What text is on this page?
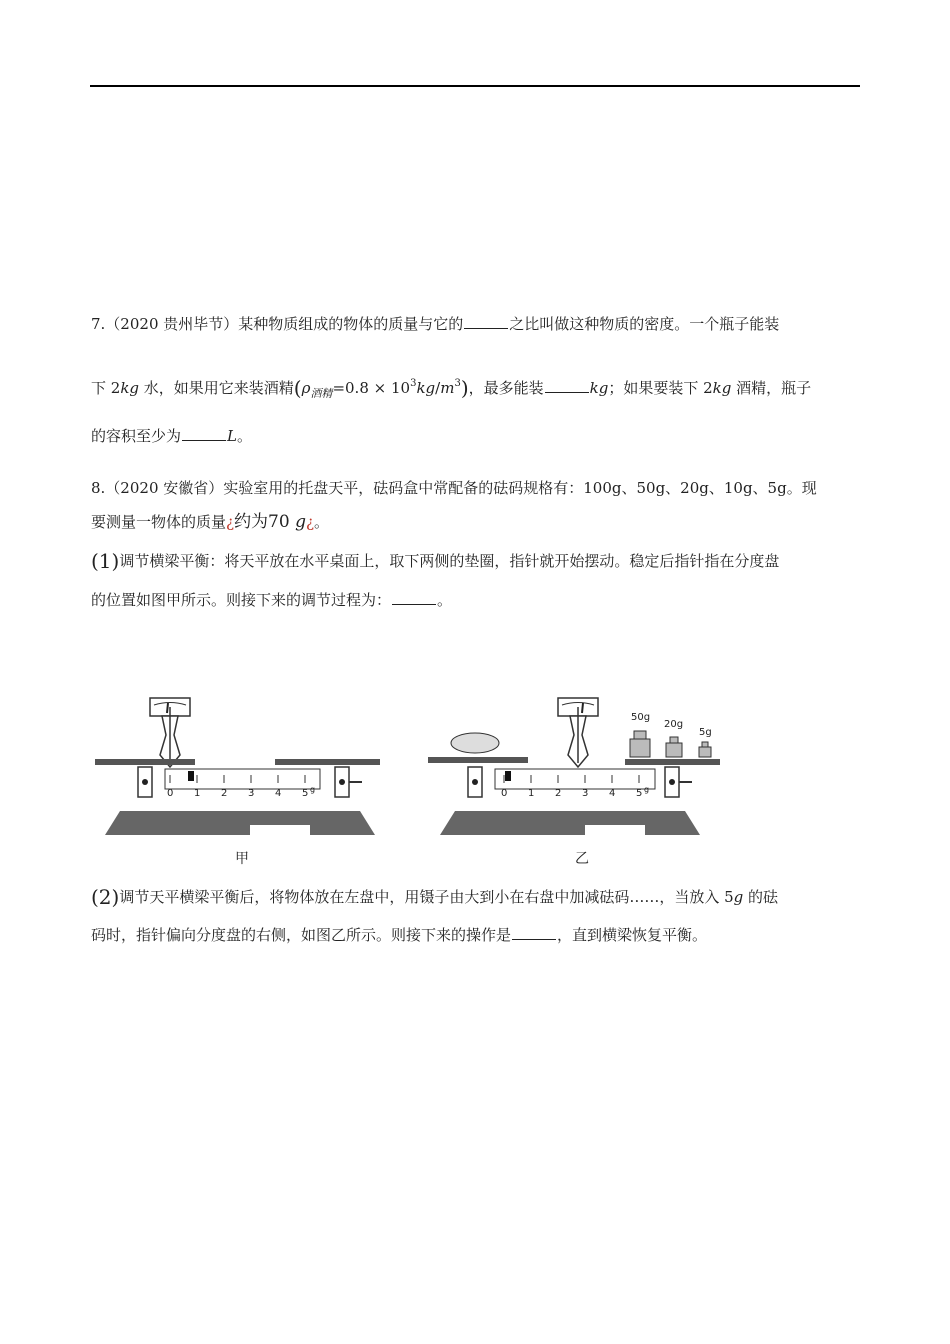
7.（2020 贵州毕节）某种物质组成的物体的质量与它的	之比叫做这种物质的密度。一个瓶子能装
下 2kg 水，如果用它来装酒精$(\rho_{酒精}=0.8 \times 10^3kg/m^3)$，最多能装	kg；如果要装下 2kg 酒精，瓶子
的容积至少为	L。
8.（2020 安徽省）实验室用的托盘天平，砝码盒中常配备的砝码规格有：100g、50g、20g、10g、5g。现
要测量一物体的质量¿约为70 g¿。
(1)调节横梁平衡：将天平放在水平桌面上，取下两侧的垫圈，指针就开始摆动。稳定后指针指在分度盘
的位置如图甲所示。则接下来的调节过程为：	。
0 1 2 3 4 5 g
甲
50g
20g
5g
0 1 2 3 4 5 g
乙
(2)调节天平横梁平衡后，将物体放在左盘中，用镊子由大到小在右盘中加减砝码……，当放入 5g 的砝
码时，指针偏向分度盘的右侧，如图乙所示。则接下来的操作是	，直到横梁恢复平衡。
